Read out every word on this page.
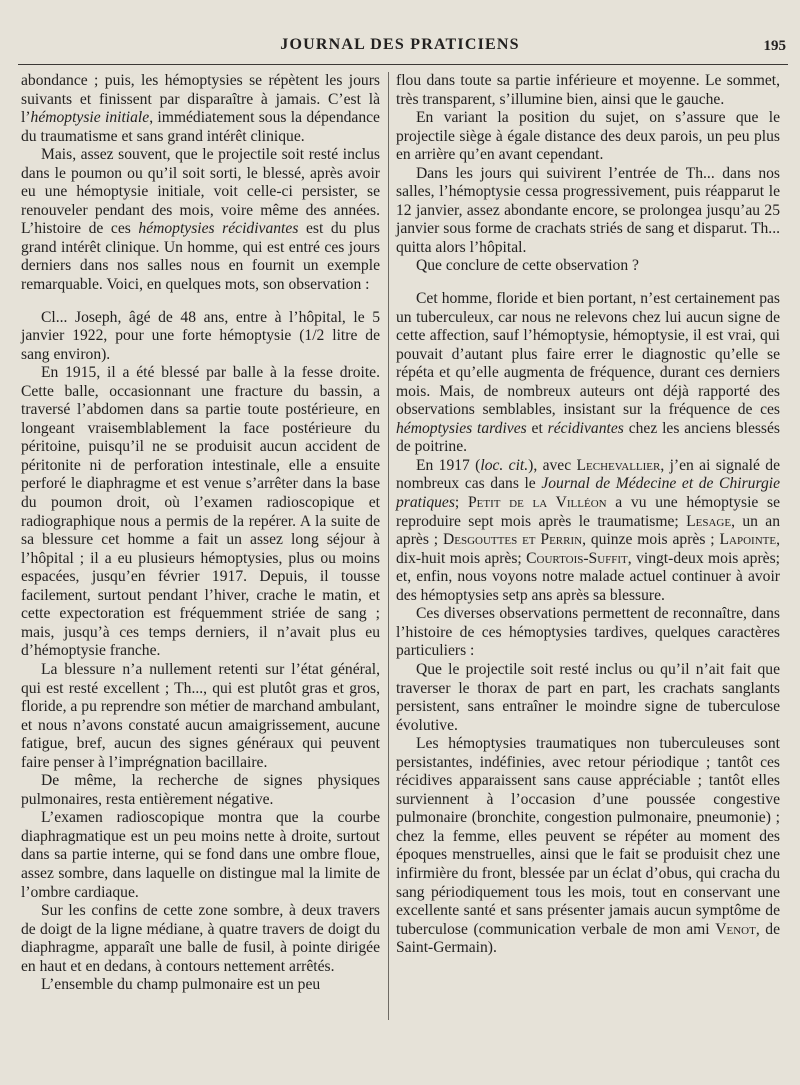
JOURNAL DES PRATICIENS	195

abondance ; puis, les hémoptysies se répètent les jours suivants et finissent par disparaître à jamais. C’est là l’hémoptysie initiale, immédiatement sous la dépendance du traumatisme et sans grand intérêt clinique.

Mais, assez souvent, que le projectile soit resté inclus dans le poumon ou qu’il soit sorti, le blessé, après avoir eu une hémoptysie initiale, voit celle-ci persister, se renouveler pendant des mois, voire même des années. L’histoire de ces hémoptysies récidivantes est du plus grand intérêt clinique. Un homme, qui est entré ces jours derniers dans nos salles nous en fournit un exemple remarquable. Voici, en quelques mots, son observation :

Cl... Joseph, âgé de 48 ans, entre à l’hôpital, le 5 janvier 1922, pour une forte hémoptysie (1/2 litre de sang environ).

En 1915, il a été blessé par balle à la fesse droite. Cette balle, occasionnant une fracture du bassin, a traversé l’abdomen dans sa partie toute postérieure, en longeant vraisemblablement la face postérieure du péritoine, puisqu’il ne se produisit aucun accident de péritonite ni de perforation intestinale, elle a ensuite perforé le diaphragme et est venue s’arrêter dans la base du poumon droit, où l’examen radioscopique et radiographique nous a permis de la repérer. A la suite de sa blessure cet homme a fait un assez long séjour à l’hôpital ; il a eu plusieurs hémoptysies, plus ou moins espacées, jusqu’en février 1917. Depuis, il tousse facilement, surtout pendant l’hiver, crache le matin, et cette expectoration est fréquemment striée de sang ; mais, jusqu’à ces temps derniers, il n’avait plus eu d’hémoptysie franche.

La blessure n’a nullement retenti sur l’état général, qui est resté excellent ; Th..., qui est plutôt gras et gros, floride, a pu reprendre son métier de marchand ambulant, et nous n’avons constaté aucun amaigrissement, aucune fatigue, bref, aucun des signes généraux qui peuvent faire penser à l’imprégnation bacillaire.

De même, la recherche de signes physiques pulmonaires, resta entièrement négative.

L’examen radioscopique montra que la courbe diaphragmatique est un peu moins nette à droite, surtout dans sa partie interne, qui se fond dans une ombre floue, assez sombre, dans laquelle on distingue mal la limite de l’ombre cardiaque.

Sur les confins de cette zone sombre, à deux travers de doigt de la ligne médiane, à quatre travers de doigt du diaphragme, apparaît une balle de fusil, à pointe dirigée en haut et en dedans, à contours nettement arrêtés.

L’ensemble du champ pulmonaire est un peu

flou dans toute sa partie inférieure et moyenne. Le sommet, très transparent, s’illumine bien, ainsi que le gauche.

En variant la position du sujet, on s’assure que le projectile siège à égale distance des deux parois, un peu plus en arrière qu’en avant cependant.

Dans les jours qui suivirent l’entrée de Th... dans nos salles, l’hémoptysie cessa progressivement, puis réapparut le 12 janvier, assez abondante encore, se prolongea jusqu’au 25 janvier sous forme de crachats striés de sang et disparut. Th... quitta alors l’hôpital.

Que conclure de cette observation ?

Cet homme, floride et bien portant, n’est certainement pas un tuberculeux, car nous ne relevons chez lui aucun signe de cette affection, sauf l’hémoptysie, hémoptysie, il est vrai, qui pouvait d’autant plus faire errer le diagnostic qu’elle se répéta et qu’elle augmenta de fréquence, durant ces derniers mois. Mais, de nombreux auteurs ont déjà rapporté des observations semblables, insistant sur la fréquence de ces hémoptysies tardives et récidivantes chez les anciens blessés de poitrine.

En 1917 (loc. cit.), avec Lechevallier, j’en ai signalé de nombreux cas dans le Journal de Médecine et de Chirurgie pratiques; Petit de la Villéon a vu une hémoptysie se reproduire sept mois après le traumatisme; Lesage, un an après ; Desgouttes et Perrin, quinze mois après ; Lapointe, dix-huit mois après; Courtois-Suffit, vingt-deux mois après; et, enfin, nous voyons notre malade actuel continuer à avoir des hémoptysies setp ans après sa blessure.

Ces diverses observations permettent de reconnaître, dans l’histoire de ces hémoptysies tardives, quelques caractères particuliers :

Que le projectile soit resté inclus ou qu’il n’ait fait que traverser le thorax de part en part, les crachats sanglants persistent, sans entraîner le moindre signe de tuberculose évolutive.

Les hémoptysies traumatiques non tuberculeuses sont persistantes, indéfinies, avec retour périodique ; tantôt ces récidives apparaissent sans cause appréciable ; tantôt elles surviennent à l’occasion d’une poussée congestive pulmonaire (bronchite, congestion pulmonaire, pneumonie) ; chez la femme, elles peuvent se répéter au moment des époques menstruelles, ainsi que le fait se produisit chez une infirmière du front, blessée par un éclat d’obus, qui cracha du sang périodiquement tous les mois, tout en conservant une excellente santé et sans présenter jamais aucun symptôme de tuberculose (communication verbale de mon ami Venot, de Saint-Germain).
